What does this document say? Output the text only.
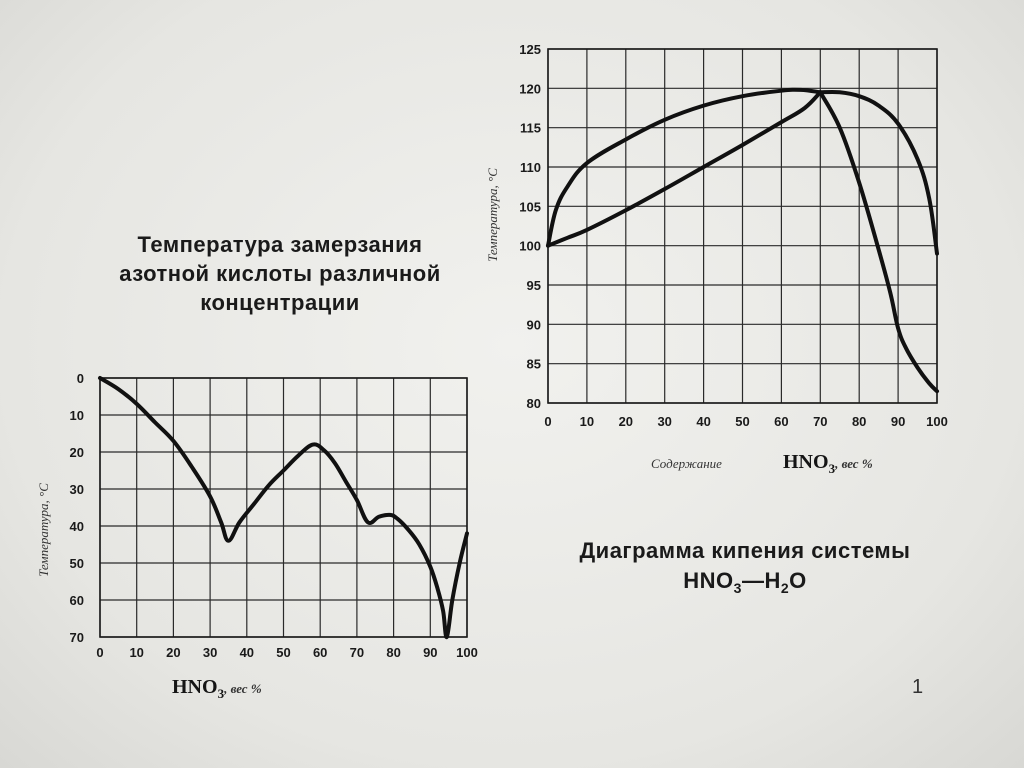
Температура замерзания
азотной кислоты различной
концентрации
Диаграмма кипения системы
$HNO_3—H_2O$
1
0 10 20 30 40 50 60 70 80 90 100
0
10
20
30
40
50
60
70
Температура, °C
$HNO_3^{, вес \%}$
0 10 20 30 40 50 60 70 80 90 100
80
85
90
95
100
105
110
115
120
125
Температура, °C
Содержание	$HNO_3^{, вес \%}$
